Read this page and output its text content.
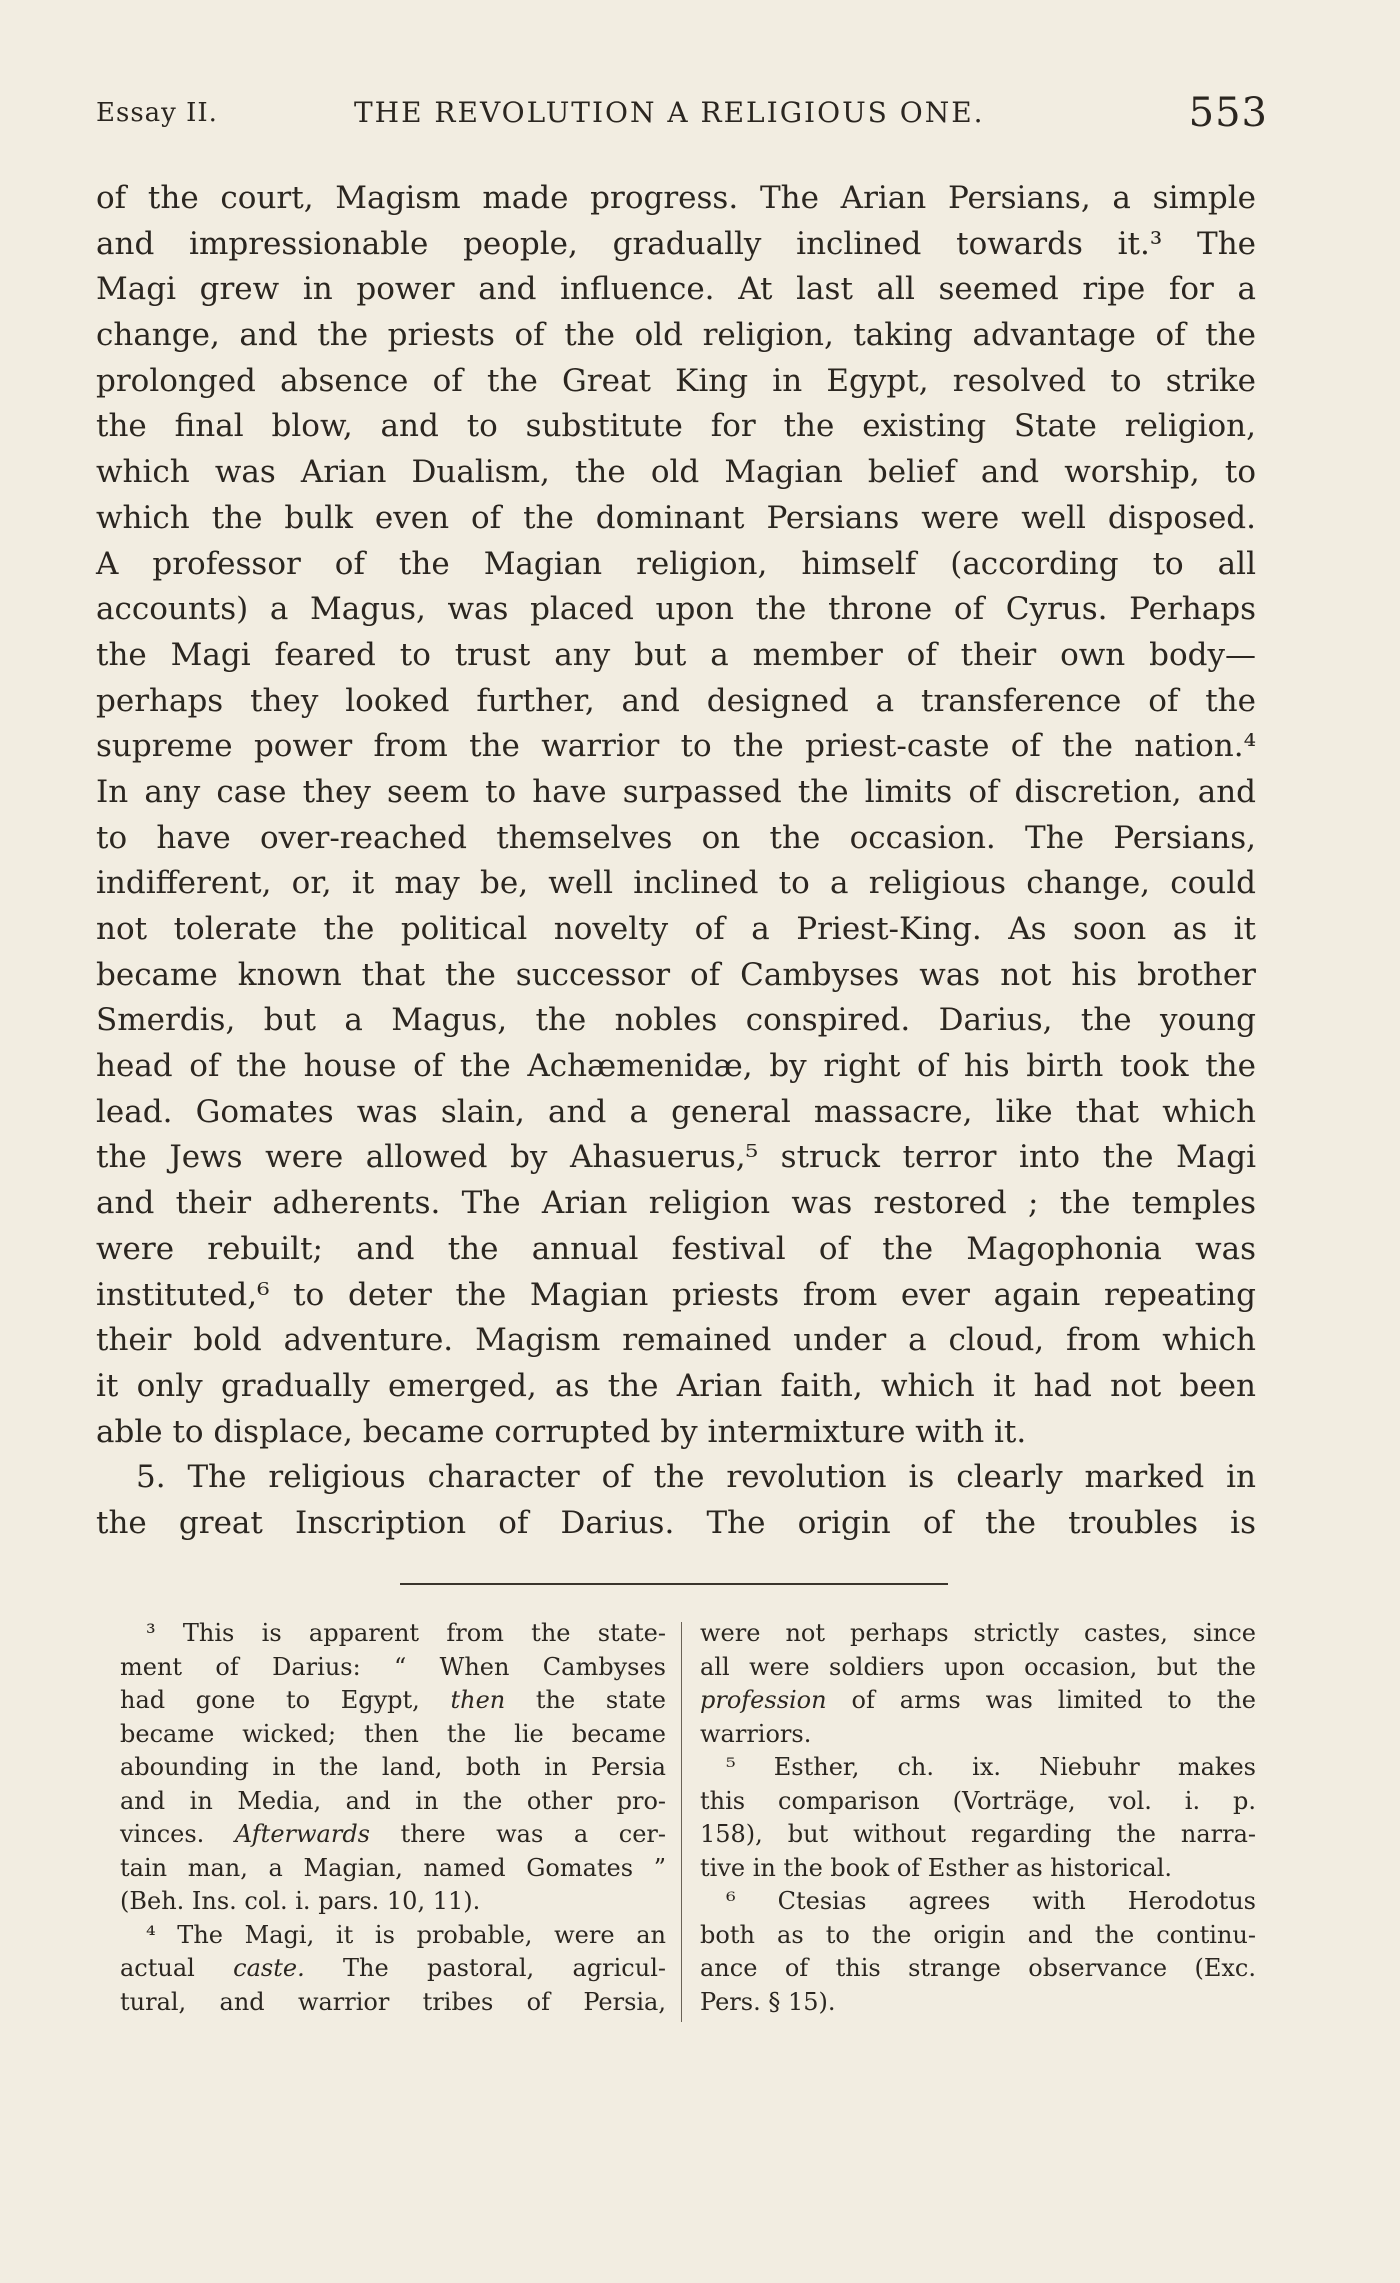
Essay II.	THE REVOLUTION A RELIGIOUS ONE.	553
of the court, Magism made progress. The Arian Persians, a simple
and impressionable people, gradually inclined towards it.³ The
Magi grew in power and influence. At last all seemed ripe for a
change, and the priests of the old religion, taking advantage of the
prolonged absence of the Great King in Egypt, resolved to strike
the final blow, and to substitute for the existing State religion,
which was Arian Dualism, the old Magian belief and worship, to
which the bulk even of the dominant Persians were well disposed.
A professor of the Magian religion, himself (according to all
accounts) a Magus, was placed upon the throne of Cyrus. Perhaps
the Magi feared to trust any but a member of their own body—
perhaps they looked further, and designed a transference of the
supreme power from the warrior to the priest-caste of the nation.⁴
In any case they seem to have surpassed the limits of discretion, and
to have over-reached themselves on the occasion. The Persians,
indifferent, or, it may be, well inclined to a religious change, could
not tolerate the political novelty of a Priest-King. As soon as it
became known that the successor of Cambyses was not his brother
Smerdis, but a Magus, the nobles conspired. Darius, the young
head of the house of the Achæmenidæ, by right of his birth took the
lead. Gomates was slain, and a general massacre, like that which
the Jews were allowed by Ahasuerus,⁵ struck terror into the Magi
and their adherents. The Arian religion was restored ; the temples
were rebuilt; and the annual festival of the Magophonia was
instituted,⁶ to deter the Magian priests from ever again repeating
their bold adventure. Magism remained under a cloud, from which
it only gradually emerged, as the Arian faith, which it had not been
able to displace, became corrupted by intermixture with it.
5. The religious character of the revolution is clearly marked in
the great Inscription of Darius. The origin of the troubles is
³ This is apparent from the state-
ment of Darius: “ When Cambyses
had gone to Egypt, then the state
became wicked; then the lie became
abounding in the land, both in Persia
and in Media, and in the other pro-
vinces. Afterwards there was a cer-
tain man, a Magian, named Gomates ”
(Beh. Ins. col. i. pars. 10, 11).
⁴ The Magi, it is probable, were an
actual caste. The pastoral, agricul-
tural, and warrior tribes of Persia,
were not perhaps strictly castes, since
all were soldiers upon occasion, but the
profession of arms was limited to the
warriors.
⁵ Esther, ch. ix. Niebuhr makes
this comparison (Vorträge, vol. i. p.
158), but without regarding the narra-
tive in the book of Esther as historical.
⁶ Ctesias agrees with Herodotus
both as to the origin and the continu-
ance of this strange observance (Exc.
Pers. § 15).
